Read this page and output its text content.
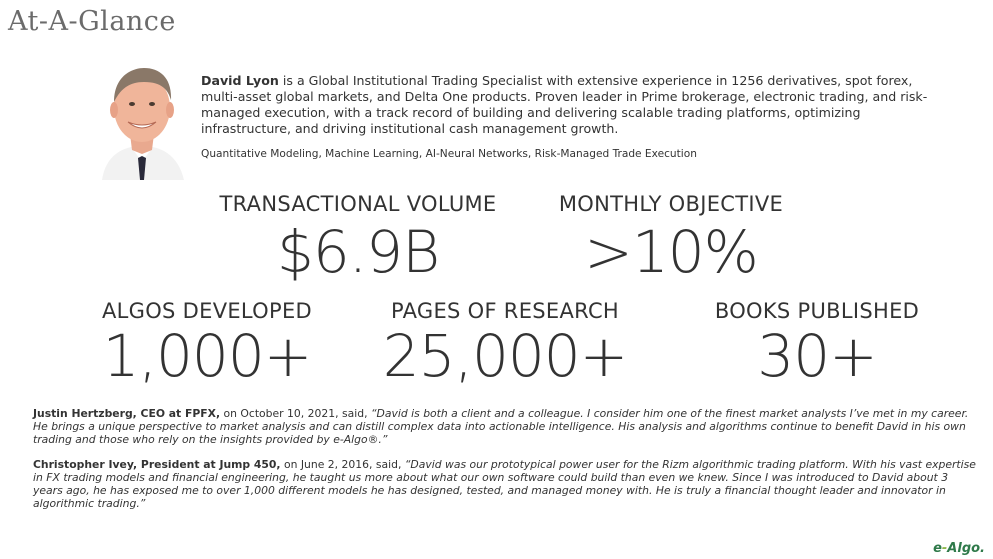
At-A-Glance
David Lyon is a Global Institutional Trading Specialist with extensive experience in 1256 derivatives, spot forex, multi-asset global markets, and Delta One products. Proven leader in Prime brokerage, electronic trading, and risk-managed execution, with a track record of building and delivering scalable trading platforms, optimizing infrastructure, and driving institutional cash management growth.
Quantitative Modeling, Machine Learning, AI-Neural Networks, Risk-Managed Trade Execution
TRANSACTIONAL VOLUME
$6.9B
MONTHLY OBJECTIVE
>10%
ALGOS DEVELOPED
1,000+
PAGES OF RESEARCH
25,000+
BOOKS PUBLISHED
30+
Justin Hertzberg, CEO at FPFX, on October 10, 2021, said, “David is both a client and a colleague. I consider him one of the finest market analysts I’ve met in my career. He brings a unique perspective to market analysis and can distill complex data into actionable intelligence. His analysis and algorithms continue to benefit David in his own trading and those who rely on the insights provided by e-Algo®.”
Christopher Ivey, President at Jump 450, on June 2, 2016, said, “David was our prototypical power user for the Rizm algorithmic trading platform. With his vast expertise in FX trading models and financial engineering, he taught us more about what our own software could build than even we knew. Since I was introduced to David about 3 years ago, he has exposed me to over 1,000 different models he has designed, tested, and managed money with. He is truly a financial thought leader and innovator in algorithmic trading.”
e-Algo.
